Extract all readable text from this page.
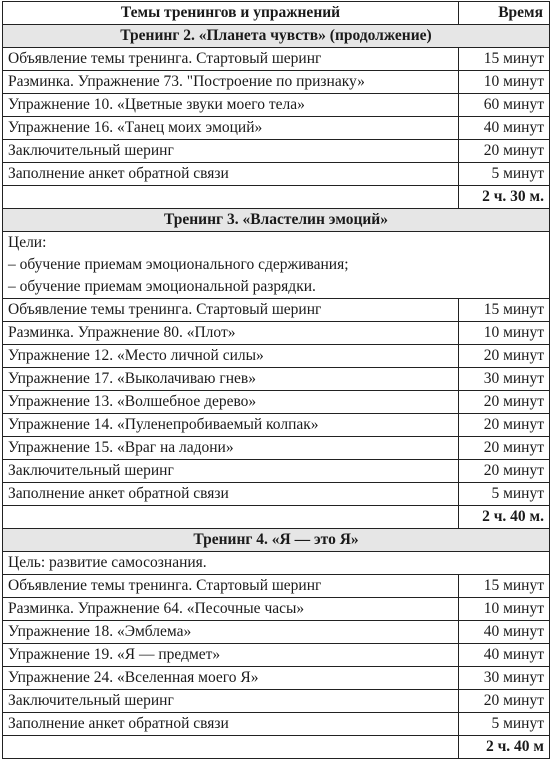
Темы тренингов и упражнений	Время
Тренинг 2. «Планета чувств» (продолжение)	
Объявление темы тренинга. Стартовый шеринг	15 минут
Разминка. Упражнение 73. "Построение по признаку»	10 минут
Упражнение 10. «Цветные звуки моего тела»	60 минут
Упражнение 16. «Танец моих эмоций»	40 минут
Заключительный шеринг	20 минут
Заполнение анкет обратной связи	5 минут
	2 ч. 30 м.
Тренинг 3. «Властелин эмоций»	

Цели:
– обучение приемам эмоционального сдерживания;
– обучение приемам эмоциональной разрядки.	

Объявление темы тренинга. Стартовый шеринг	15 минут
Разминка. Упражнение 80. «Плот»	10 минут
Упражнение 12. «Место личной силы»	20 минут
Упражнение 17. «Выколачиваю гнев»	30 минут
Упражнение 13. «Волшебное дерево»	20 минут
Упражнение 14. «Пуленепробиваемый колпак»	20 минут
Упражнение 15. «Враг на ладони»	20 минут
Заключительный шеринг	20 минут
Заполнение анкет обратной связи	5 минут
	2 ч. 40 м.
Тренинг 4. «Я — это Я»	

Цель: развитие самосознания.	

Объявление темы тренинга. Стартовый шеринг	15 минут
Разминка. Упражнение 64. «Песочные часы»	10 минут
Упражнение 18. «Эмблема»	40 минут
Упражнение 19. «Я — предмет»	40 минут
Упражнение 24. «Вселенная моего Я»	30 минут
Заключительный шеринг	20 минут
Заполнение анкет обратной связи	5 минут
	2 ч. 40 м
